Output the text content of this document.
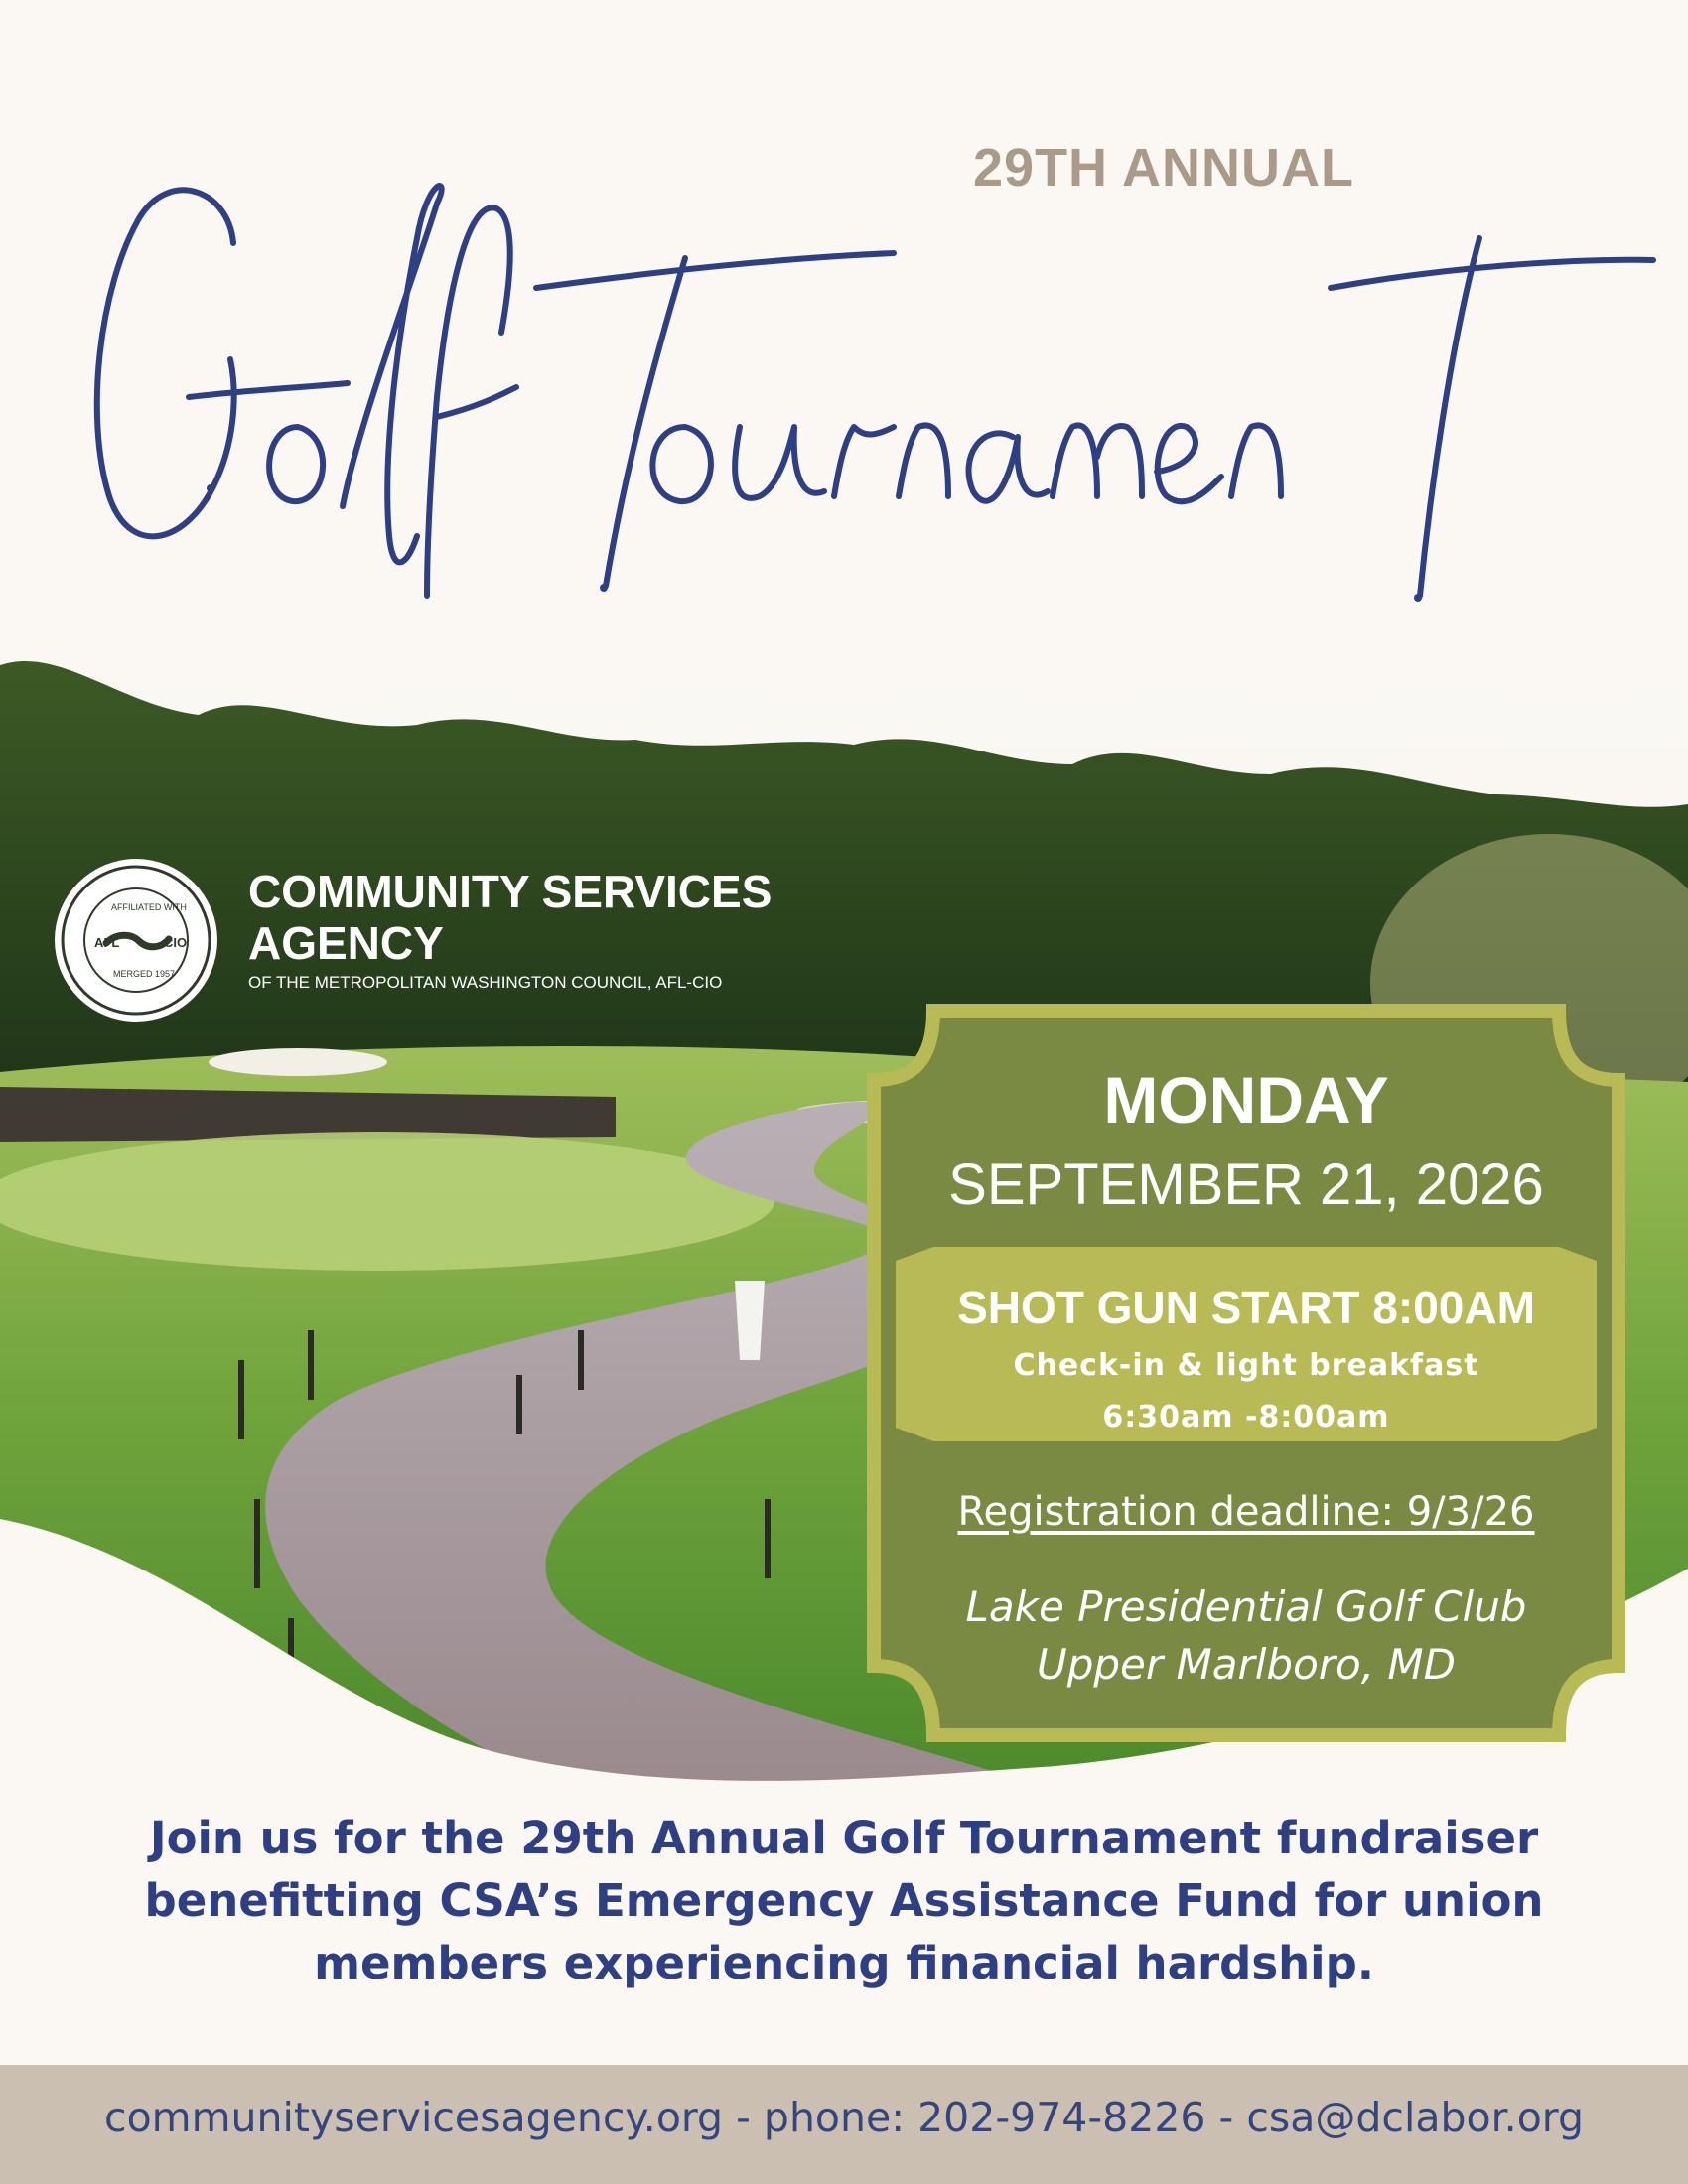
29TH ANNUAL
AFL	CIO
AFFILIATED WITH
MERGED 1957
COMMUNITY SERVICES
AGENCY
OF THE METROPOLITAN WASHINGTON COUNCIL, AFL-CIO
MONDAY
SEPTEMBER 21, 2026
SHOT GUN START 8:00AM
Check-in & light breakfast
6:30am -8:00am
Registration deadline: 9/3/26
Lake Presidential Golf Club
Upper Marlboro, MD
Join us for the 29th Annual Golf Tournament fundraiser
benefitting CSA’s Emergency Assistance Fund for union
members experiencing financial hardship.
communityservicesagency.org - phone: 202-974-8226 - csa@dclabor.org
